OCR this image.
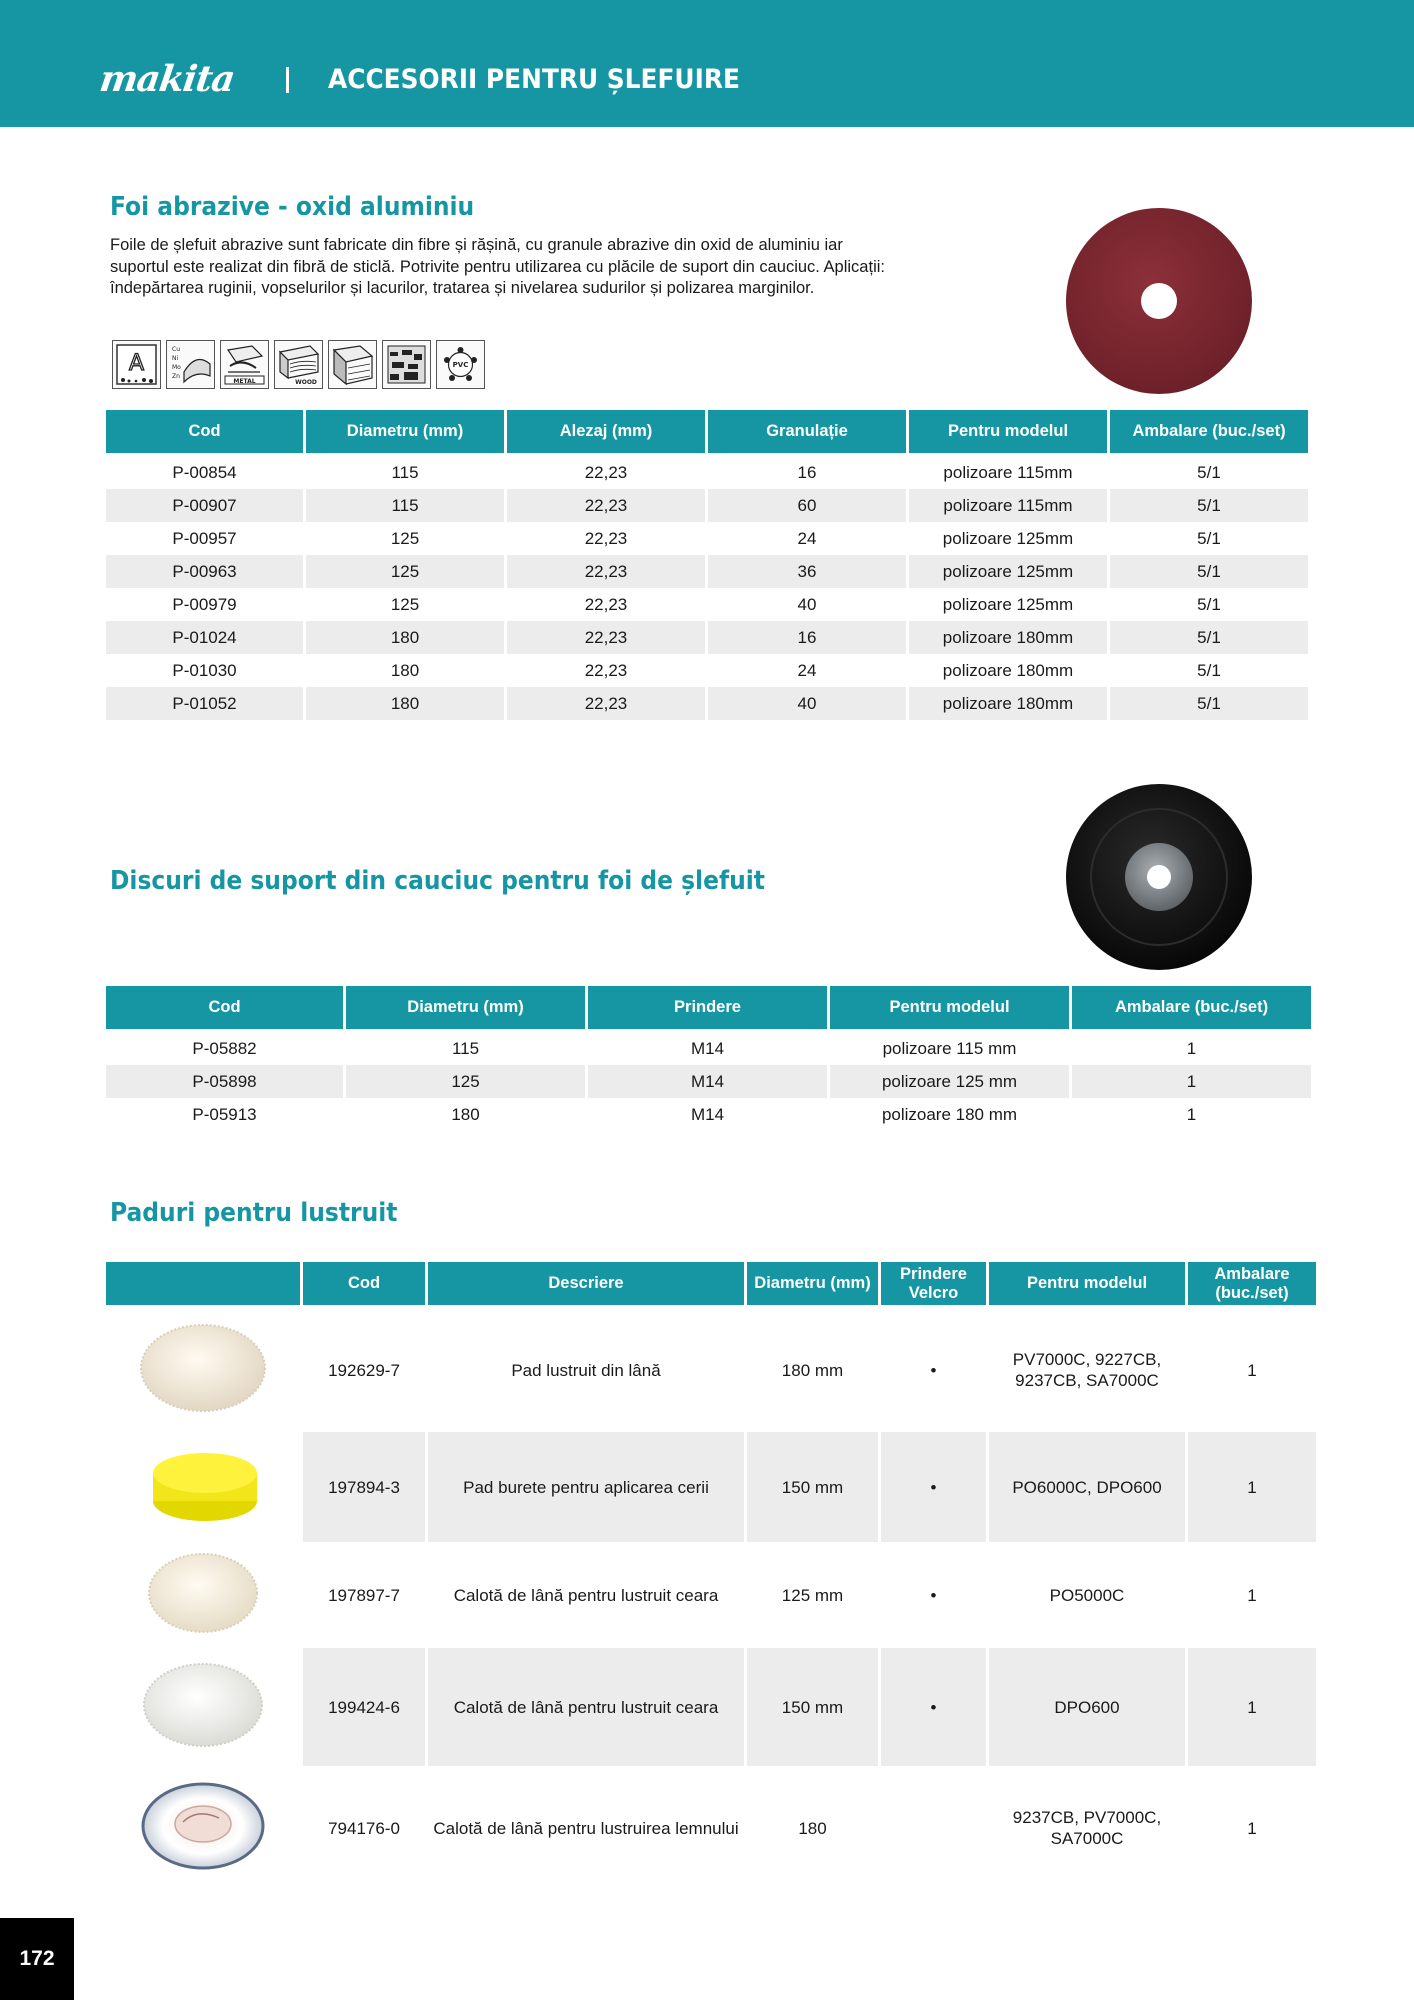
makita	ACCESORII PENTRU ȘLEFUIRE
Foi abrazive - oxid aluminiu
Foile de șlefuit abrazive sunt fabricate din fibre și rășină, cu granule abrazive din oxid de aluminiu iar suportul este realizat din fibră de sticlă. Potrivite pentru utilizarea cu plăcile de suport din cauciuc. Aplicații: îndepărtarea ruginii, vopselurilor și lacurilor, tratarea și nivelarea sudurilor și polizarea marginilor.
A
Cu
Ni
Mo
Zn
METAL	WOOD
PVC
Cod	Diametru (mm)	Alezaj (mm)	Granulație	Pentru modelul	Ambalare (buc./set)
P-00854	115	22,23	16	polizoare 115mm	5/1
P-00907	115	22,23	60	polizoare 115mm	5/1
P-00957	125	22,23	24	polizoare 125mm	5/1
P-00963	125	22,23	36	polizoare 125mm	5/1
P-00979	125	22,23	40	polizoare 125mm	5/1
P-01024	180	22,23	16	polizoare 180mm	5/1
P-01030	180	22,23	24	polizoare 180mm	5/1
P-01052	180	22,23	40	polizoare 180mm	5/1
Discuri de suport din cauciuc pentru foi de șlefuit
Cod	Diametru (mm)	Prindere	Pentru modelul	Ambalare (buc./set)
P-05882	115	M14	polizoare 115 mm	1
P-05898	125	M14	polizoare 125 mm	1
P-05913	180	M14	polizoare 180 mm	1
Paduri pentru lustruit
	Cod	Descriere	Diametru (mm)	Prindere Velcro	Pentru modelul	Ambalare (buc./set)
	192629-7	Pad lustruit din lână	180 mm	•	PV7000C, 9227CB, 9237CB, SA7000C	1
	197894-3	Pad burete pentru aplicarea cerii	150 mm	•	PO6000C, DPO600	1
	197897-7	Calotă de lână pentru lustruit ceara	125 mm	•	PO5000C	1
	199424-6	Calotă de lână pentru lustruit ceara	150 mm	•	DPO600	1
	794176-0	Calotă de lână pentru lustruirea lemnului	180		9237CB, PV7000C, SA7000C	1
172
